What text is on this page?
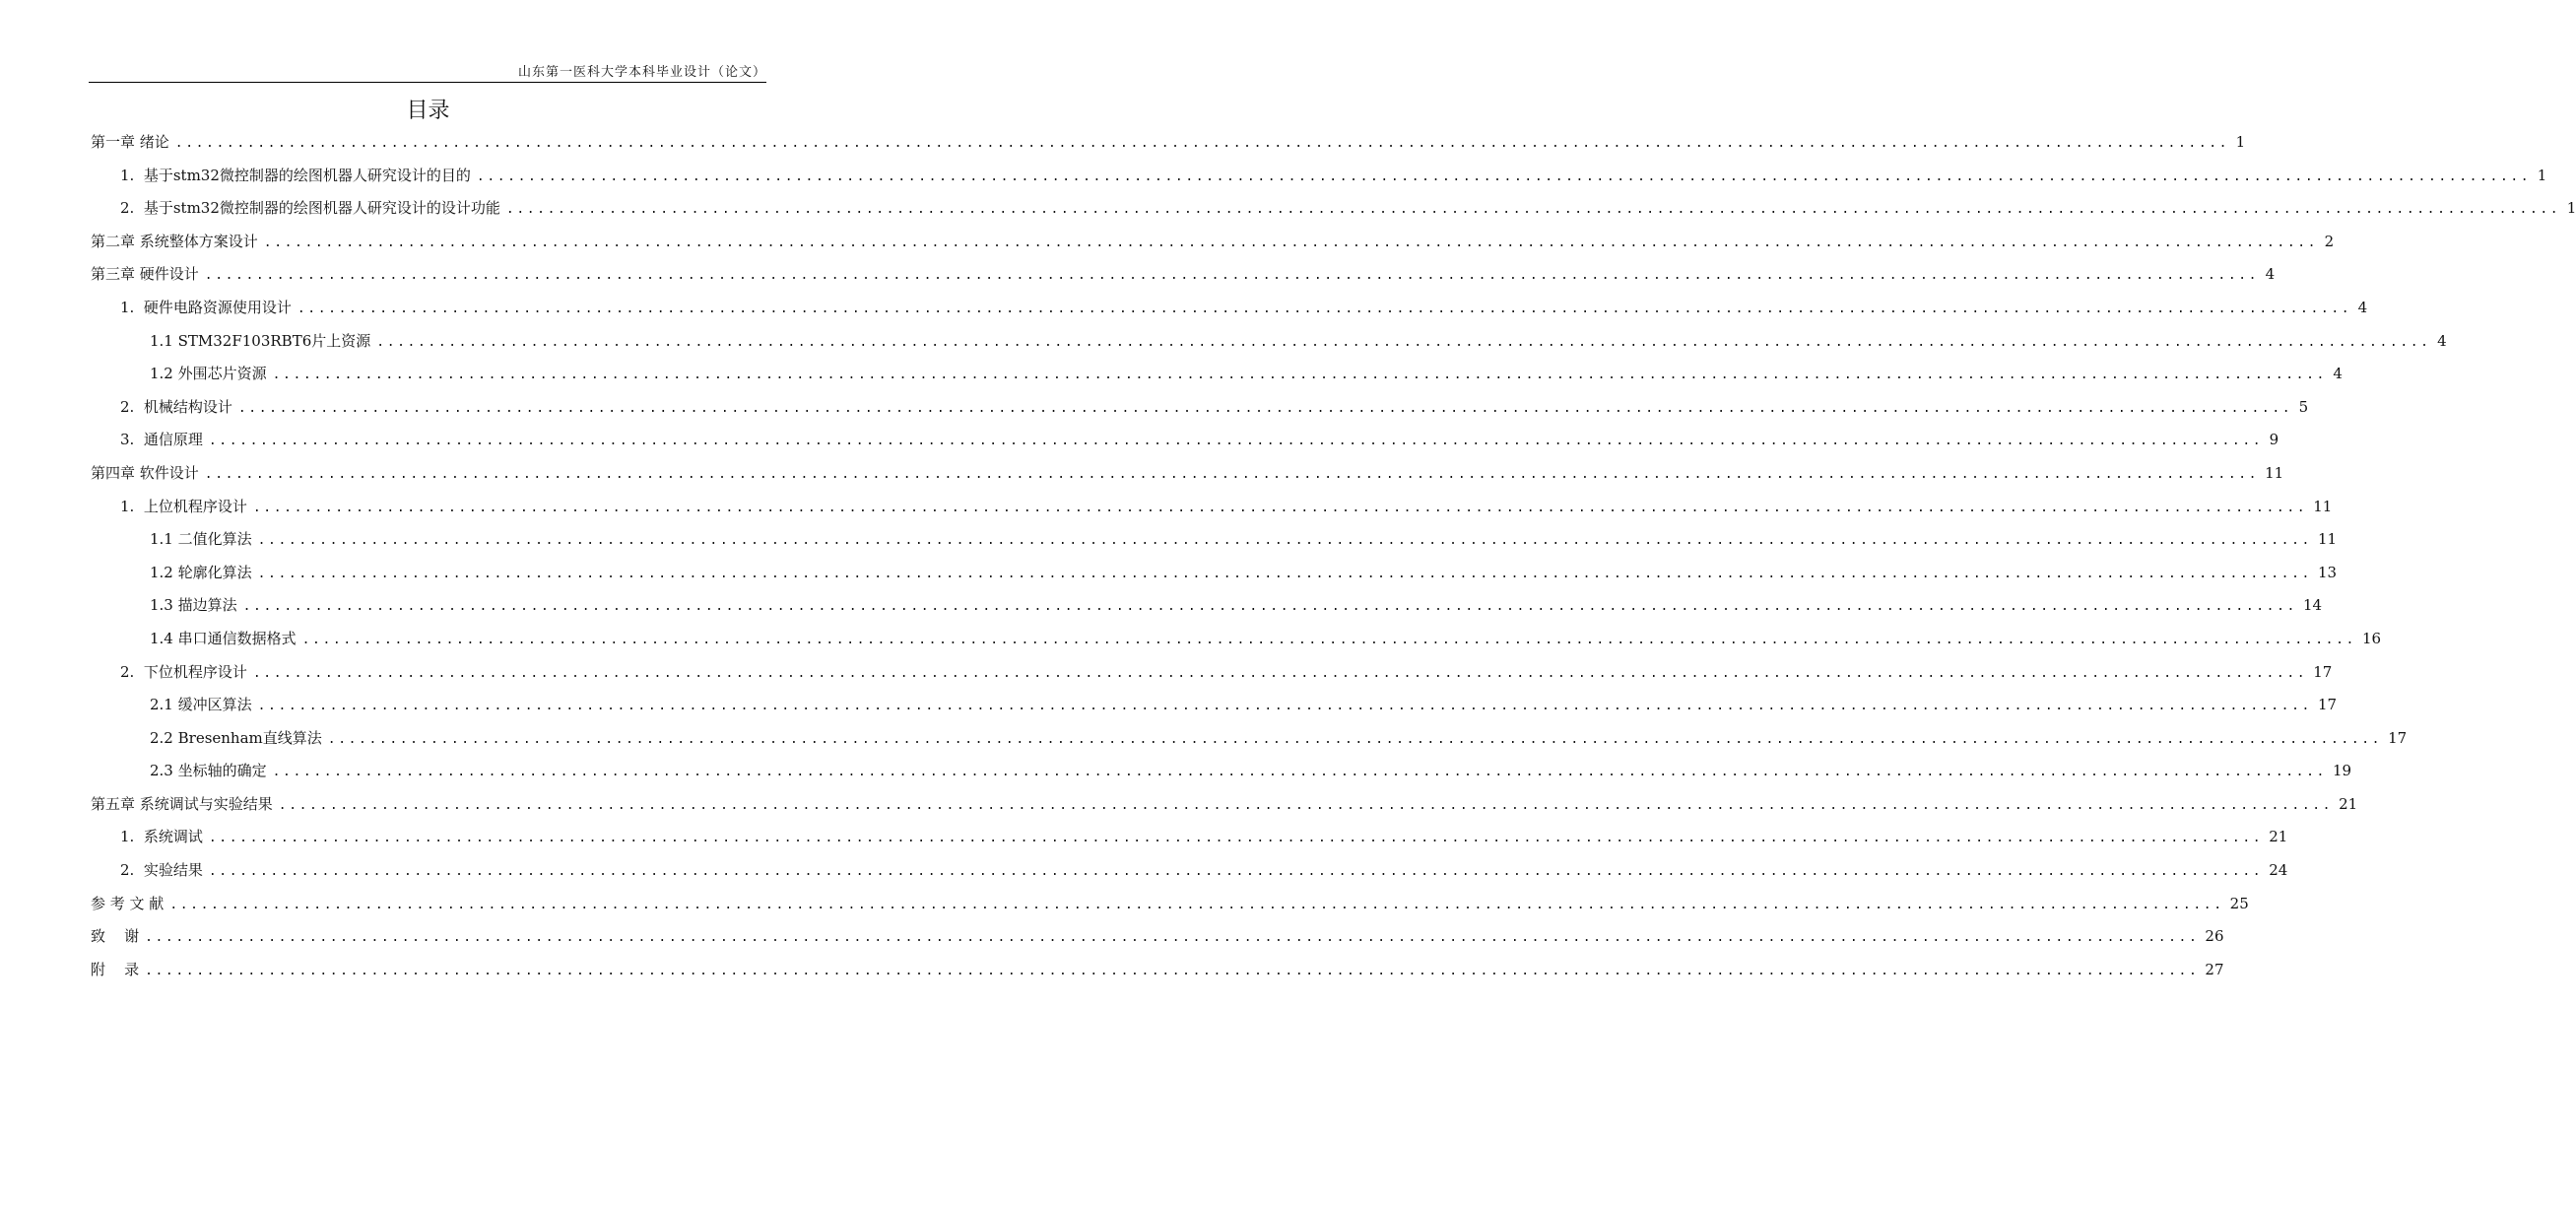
山东第一医科大学本科毕业设计（论文）
目录
第一章 绪论 ........................................................................................................................................................................................................ 1
1.  基于stm32微控制器的绘图机器人研究设计的目的 ........................................................................................................................................................................................................ 1
2.  基于stm32微控制器的绘图机器人研究设计的设计功能 ........................................................................................................................................................................................................ 1
第二章 系统整体方案设计 ........................................................................................................................................................................................................ 2
第三章 硬件设计 ........................................................................................................................................................................................................ 4
1.  硬件电路资源使用设计 ........................................................................................................................................................................................................ 4
1.1 STM32F103RBT6片上资源 ........................................................................................................................................................................................................ 4
1.2 外围芯片资源 ........................................................................................................................................................................................................ 4
2.  机械结构设计 ........................................................................................................................................................................................................ 5
3.  通信原理 ........................................................................................................................................................................................................ 9
第四章 软件设计 ........................................................................................................................................................................................................ 11
1.  上位机程序设计 ........................................................................................................................................................................................................ 11
1.1 二值化算法 ........................................................................................................................................................................................................ 11
1.2 轮廓化算法 ........................................................................................................................................................................................................ 13
1.3 描边算法 ........................................................................................................................................................................................................ 14
1.4 串口通信数据格式 ........................................................................................................................................................................................................ 16
2.  下位机程序设计 ........................................................................................................................................................................................................ 17
2.1 缓冲区算法 ........................................................................................................................................................................................................ 17
2.2 Bresenham直线算法 ........................................................................................................................................................................................................ 17
2.3 坐标轴的确定 ........................................................................................................................................................................................................ 19
第五章 系统调试与实验结果 ........................................................................................................................................................................................................ 21
1.  系统调试 ........................................................................................................................................................................................................ 21
2.  实验结果 ........................................................................................................................................................................................................ 24
参 考 文 献 ........................................................................................................................................................................................................ 25
致    谢 ........................................................................................................................................................................................................ 26
附    录 ........................................................................................................................................................................................................ 27
